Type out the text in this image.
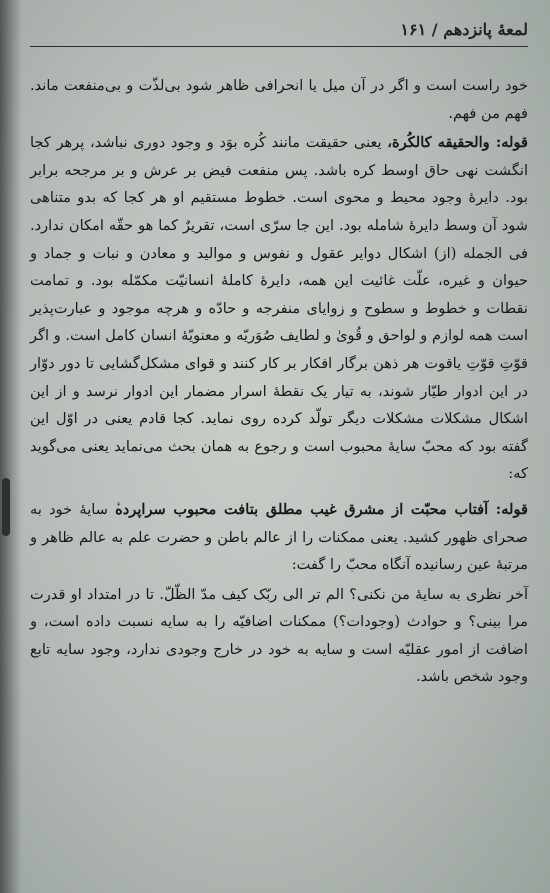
لمعهٔ پانزدهم / ۱۶۱

خود راست است و اگر در آن میل یا انحرافی ظاهر شود بی‌لذّت و بی‌منفعت ماند. فهم من فهم.

قوله: والحقیقه کالکُرة، یعنی حقیقت مانند کُره بوَد و وجود دوری نباشد، پرهر کجا انگشت نهی حاق اوسط کره باشد. پس منفعت فیض بر عرش و بر مرجحه برابر بود. دایرهٔ وجود محیط و محوی است. خطوط مستقیم او هر کجا که بدو متناهی شود آن وسط دایرهٔ شامله بود. این جا سرّی است، تقریرٌ کما هو حقّه امکان ندارد. فی الجمله (از) اشکال دوایر عقول و نفوس و موالید و معادن و نبات و جماد و حیوان و غیره، علّت غائیت این همه، دایرهٔ کاملهٔ انسانیّت مکمّله بود. و تمامت نقطات و خطوط و سطوح و زوایای منفرجه و حادّه و هرچه موجود و عبارت‌پذیر است همه لوازم و لواحق و قُویٰ و لطایف صُوَریّه و معنویّهٔ انسان کامل است. و اگر قوّتِ قوّتِ یاقوت هر ذهن برگار افکار بر کار کنند و قوای مشکل‌گشایی تا دور دوّار در این ادوار طیّار شوند، به تیار یک نقطهٔ اسرار مضمار این ادوار نرسد و از این اشکال مشکلات مشکلات دیگر تولّد کرده روی نماید. کجا قادم یعنی در اوّل این گفته بود که محبّ سایهٔ محبوب است و رجوع به همان بحث می‌نماید یعنی می‌گوید که:

قوله: آفتاب محبّت از مشرق غیب مطلق بتافت محبوب سراپردهٔ سایهٔ خود به صحرای ظهور کشید. یعنی ممکنات را از عالم باطن و حضرت علم به عالم ظاهر و مرتبهٔ عین رسانیده آنگاه محبّ را گفت:

آخر نظری به سایهٔ من نکنی؟ الم تر الی ربّک کیف مدّ الظّلّ. تا در امتداد او قدرت مرا بینی؟ و حوادث (وجودات؟) ممکنات اضافیّه را به سایه نسبت داده است، و اضافت از امور عقلیّه است و سایه به خود در خارج وجودی ندارد، وجود سایه تابع وجود شخص باشد.
